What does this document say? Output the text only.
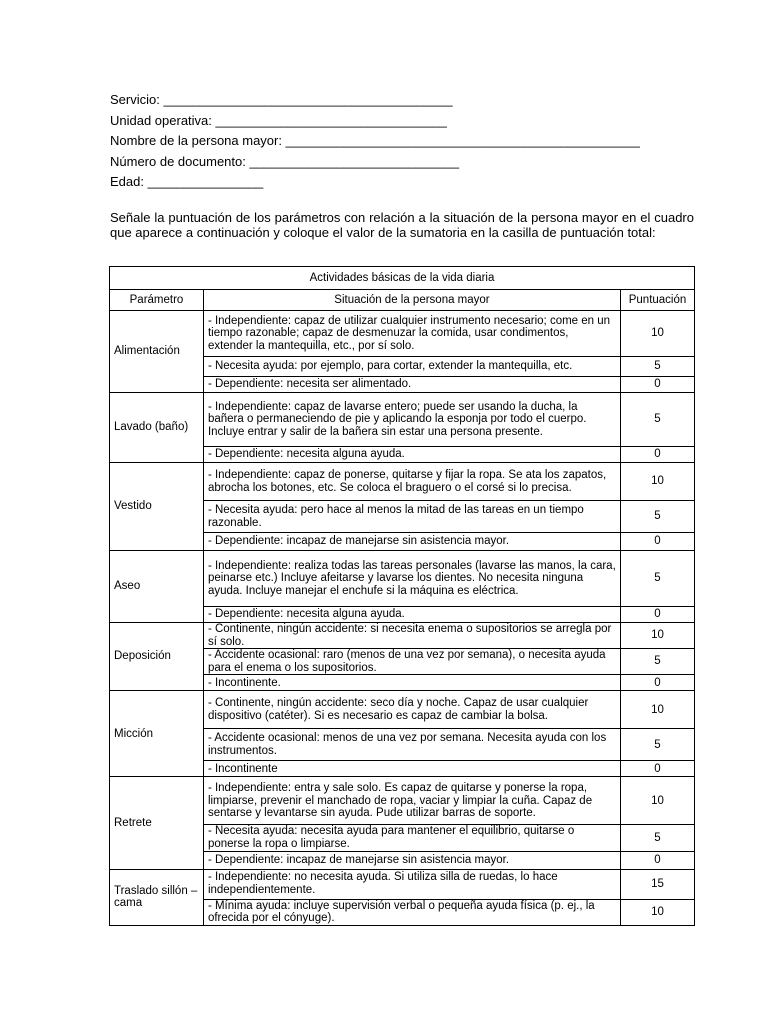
Servicio: ________________________________________
Unidad operativa: ________________________________
Nombre de la persona mayor: _________________________________________________
Número de documento: _____________________________
Edad: ________________

Señale la puntuación de los parámetros con relación a la situación de la persona mayor en el cuadro que aparece a continuación y coloque el valor de la sumatoria en la casilla de puntuación total:

Actividades básicas de la vida diaria		
Parámetro	Situación de la persona mayor	Puntuación
Alimentación	- Independiente: capaz de utilizar cualquier instrumento necesario; come en un tiempo razonable; capaz de desmenuzar la comida, usar condimentos, extender la mantequilla, etc., por sí solo.	10
	- Necesita ayuda: por ejemplo, para cortar, extender la mantequilla, etc.	5
	- Dependiente: necesita ser alimentado.	0
Lavado (baño)	- Independiente: capaz de lavarse entero; puede ser usando la ducha, la bañera o permaneciendo de pie y aplicando la esponja por todo el cuerpo. Incluye entrar y salir de la bañera sin estar una persona presente.	5
	- Dependiente: necesita alguna ayuda.	0
Vestido	- Independiente: capaz de ponerse, quitarse y fijar la ropa. Se ata los zapatos, abrocha los botones, etc. Se coloca el braguero o el corsé si lo precisa.	10
	- Necesita ayuda: pero hace al menos la mitad de las tareas en un tiempo razonable.	5
	- Dependiente: incapaz de manejarse sin asistencia mayor.	0
Aseo	- Independiente: realiza todas las tareas personales (lavarse las manos, la cara, peinarse etc.) Incluye afeitarse y lavarse los dientes. No necesita ninguna ayuda. Incluye manejar el enchufe si la máquina es eléctrica.	5
	- Dependiente: necesita alguna ayuda.	0
Deposición	- Continente, ningún accidente: si necesita enema o supositorios se arregla por sí solo.	10
	- Accidente ocasional: raro (menos de una vez por semana), o necesita ayuda para el enema o los supositorios.	5
	- Incontinente.	0
Micción	- Continente, ningún accidente: seco día y noche. Capaz de usar cualquier dispositivo (catéter). Si es necesario es capaz de cambiar la bolsa.	10
	- Accidente ocasional: menos de una vez por semana. Necesita ayuda con los instrumentos.	5
	- Incontinente	0
Retrete	- Independiente: entra y sale solo. Es capaz de quitarse y ponerse la ropa, limpiarse, prevenir el manchado de ropa, vaciar y limpiar la cuña. Capaz de sentarse y levantarse sin ayuda. Pude utilizar barras de soporte.	10
	- Necesita ayuda: necesita ayuda para mantener el equilibrio, quitarse o ponerse la ropa o limpiarse.	5
	- Dependiente: incapaz de manejarse sin asistencia mayor.	0
Traslado sillón – cama	- Independiente: no necesita ayuda. Si utiliza silla de ruedas, lo hace independientemente.	15
	- Mínima ayuda: incluye supervisión verbal o pequeña ayuda física (p. ej., la ofrecida por el cónyuge).	10
